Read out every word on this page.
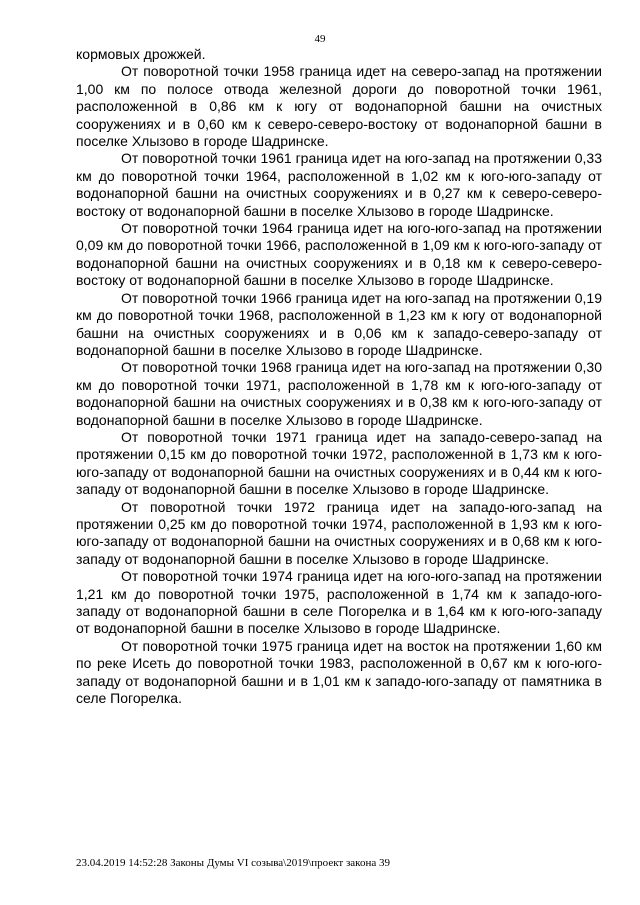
49

кормовых дрожжей.

От поворотной точки 1958 граница идет на северо-запад на протяжении 1,00 км по полосе отвода железной дороги до поворотной точки 1961, расположенной в 0,86 км к югу от водонапорной башни на очистных сооружениях и в 0,60 км к северо-северо-востоку от водонапорной башни в поселке Хлызово в городе Шадринске.

От поворотной точки 1961 граница идет на юго-запад на протяжении 0,33 км до поворотной точки 1964, расположенной в 1,02 км к юго-юго-западу от водонапорной башни на очистных сооружениях и в 0,27 км к северо-северо-востоку от водонапорной башни в поселке Хлызово в городе Шадринске.

От поворотной точки 1964 граница идет на юго-юго-запад на протяжении 0,09 км до поворотной точки 1966, расположенной в 1,09 км к юго-юго-западу от водонапорной башни на очистных сооружениях и в 0,18 км к северо-северо-востоку от водонапорной башни в поселке Хлызово в городе Шадринске.

От поворотной точки 1966 граница идет на юго-запад на протяжении 0,19 км до поворотной точки 1968, расположенной в 1,23 км к югу от водонапорной башни на очистных сооружениях и в 0,06 км к западо-северо-западу от водонапорной башни в поселке Хлызово в городе Шадринске.

От поворотной точки 1968 граница идет на юго-запад на протяжении 0,30 км до поворотной точки 1971, расположенной в 1,78 км к юго-юго-западу от водонапорной башни на очистных сооружениях и в 0,38 км к юго-юго-западу от водонапорной башни в поселке Хлызово в городе Шадринске.

От поворотной точки 1971 граница идет на западо-северо-запад на протяжении 0,15 км до поворотной точки 1972, расположенной в 1,73 км к юго-юго-западу от водонапорной башни на очистных сооружениях и в 0,44 км к юго-западу от водонапорной башни в поселке Хлызово в городе Шадринске.

От поворотной точки 1972 граница идет на западо-юго-запад на протяжении 0,25 км до поворотной точки 1974, расположенной в 1,93 км к юго-юго-западу от водонапорной башни на очистных сооружениях и в 0,68 км к юго-западу от водонапорной башни в поселке Хлызово в городе Шадринске.

От поворотной точки 1974 граница идет на юго-юго-запад на протяжении 1,21 км до поворотной точки 1975, расположенной в 1,74 км к западо-юго-западу от водонапорной башни в селе Погорелка и в 1,64 км к юго-юго-западу от водонапорной башни в поселке Хлызово в городе Шадринске.

От поворотной точки 1975 граница идет на восток на протяжении 1,60 км по реке Исеть до поворотной точки 1983, расположенной в 0,67 км к юго-юго-западу от водонапорной башни и в 1,01 км к западо-юго-западу от памятника в селе Погорелка.

23.04.2019 14:52:28 Законы Думы VI созыва\2019\проект закона 39
